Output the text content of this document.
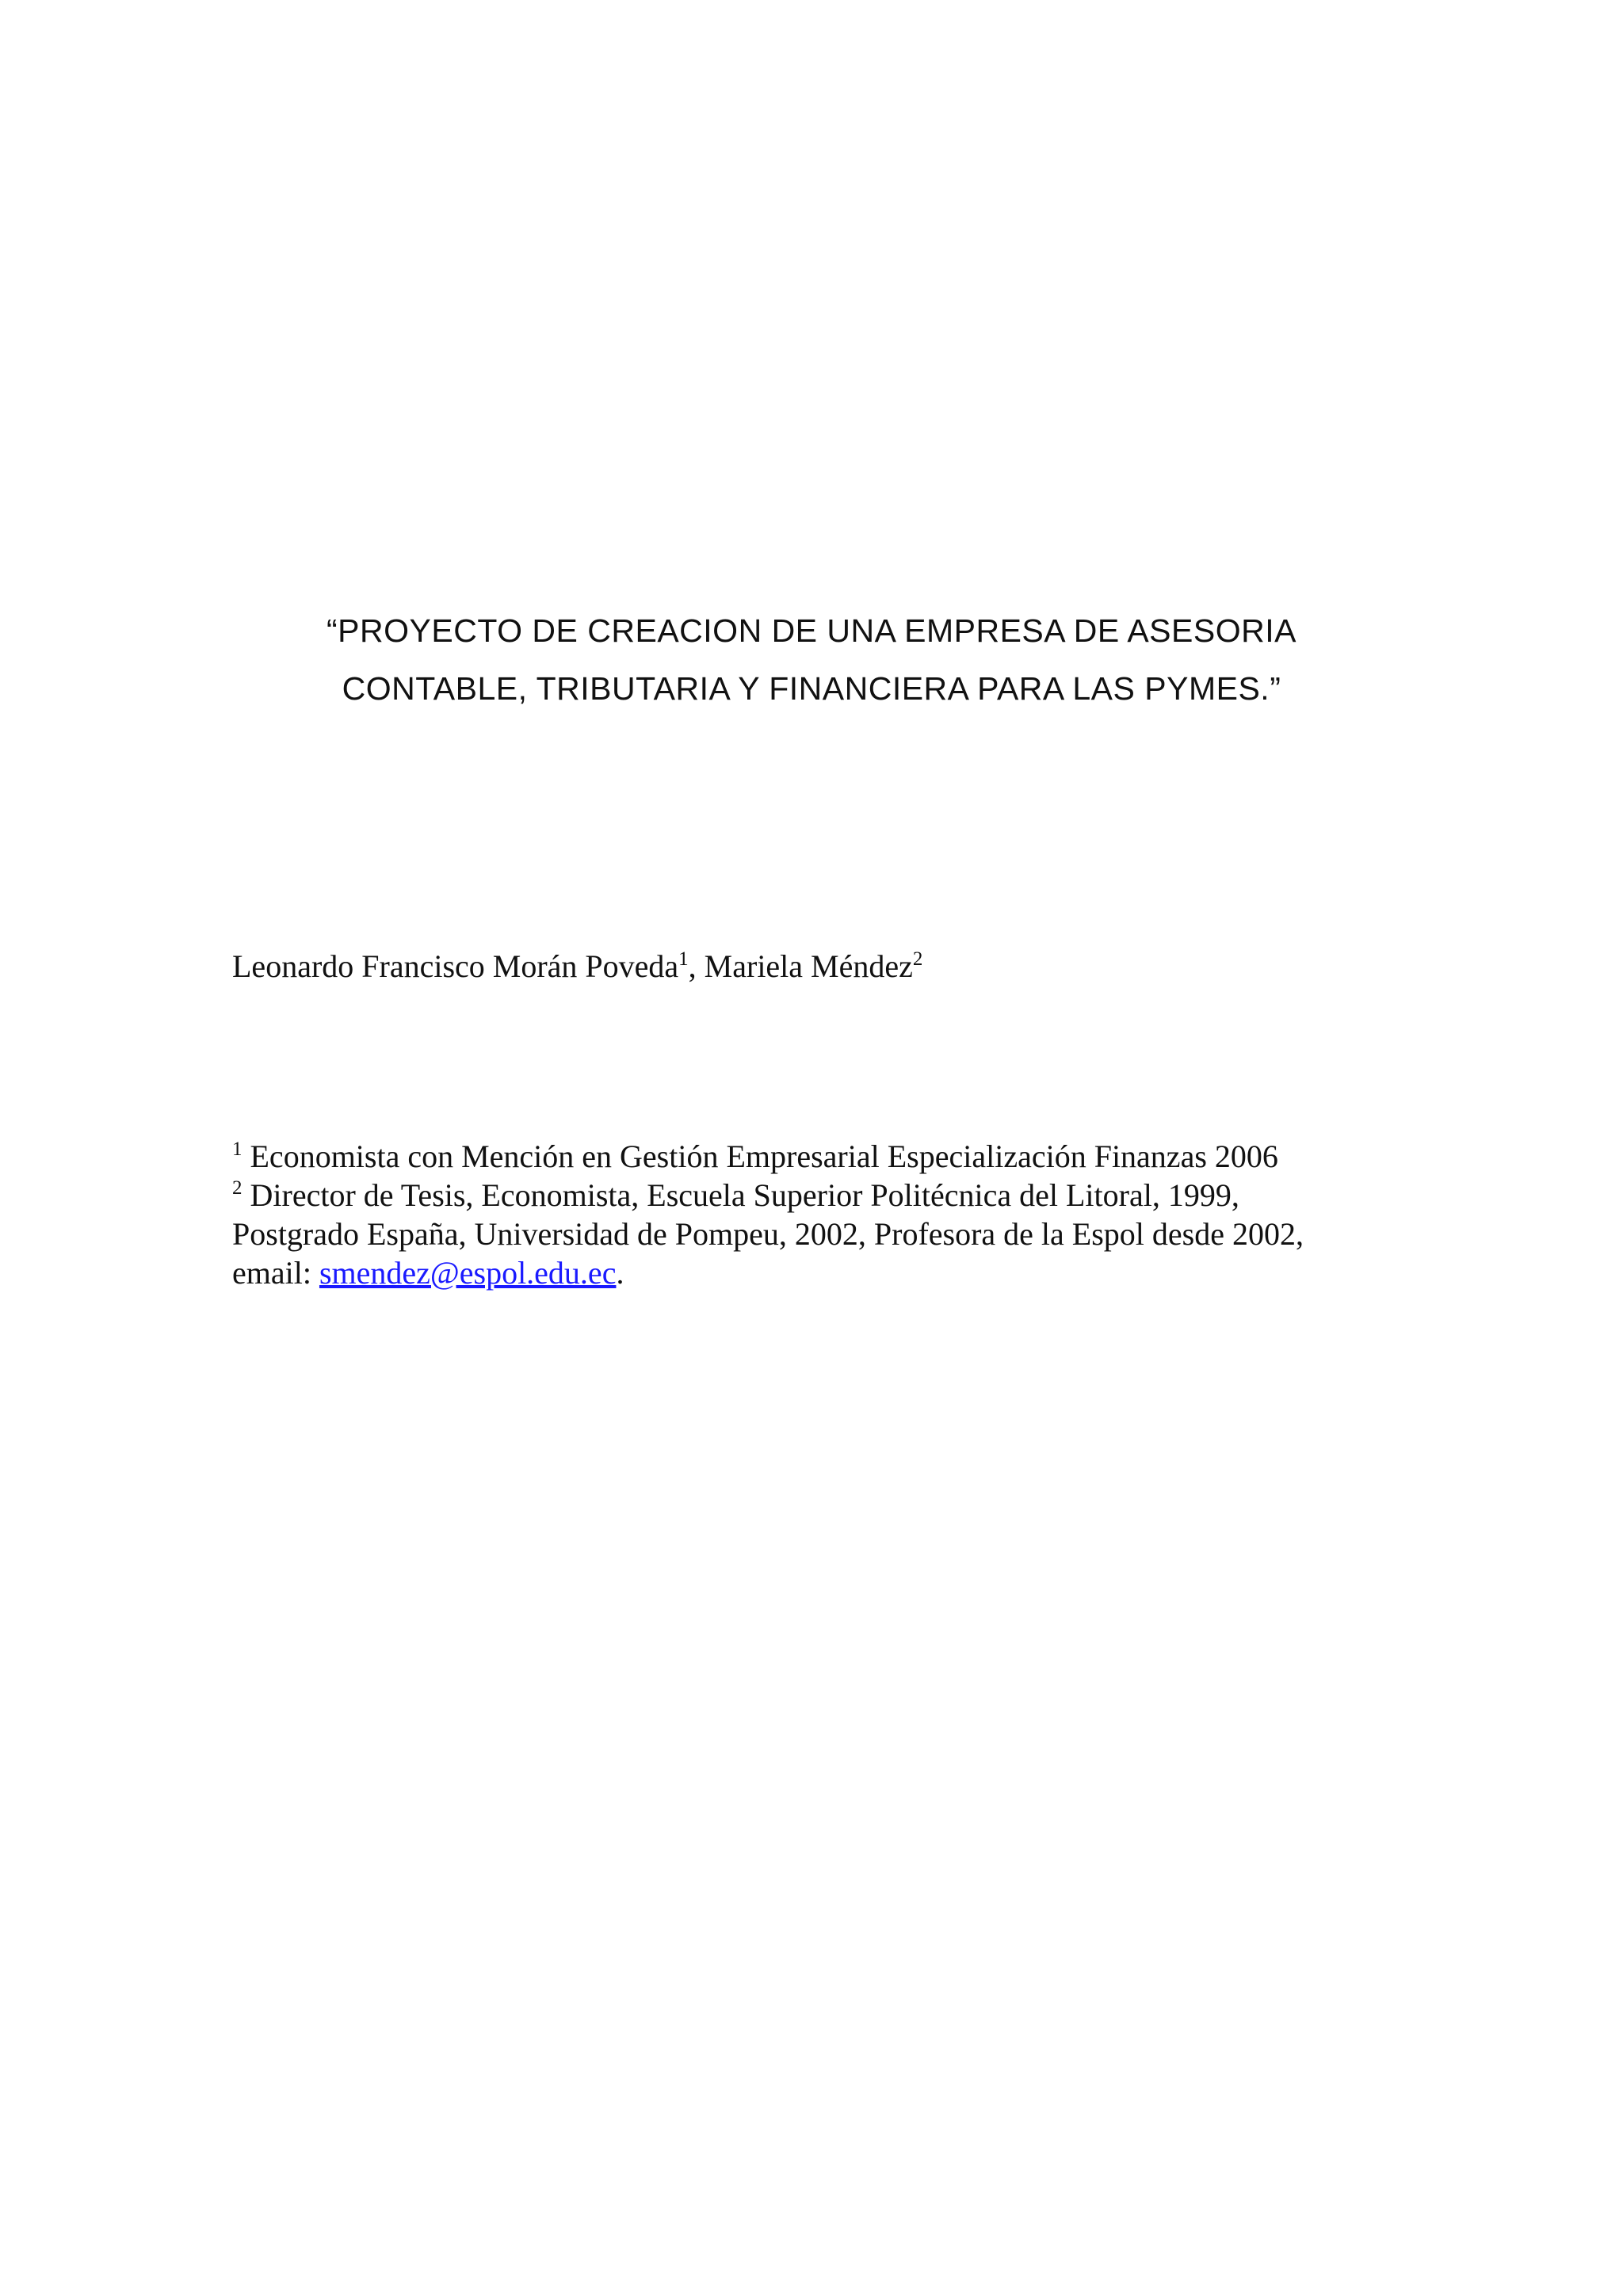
“PROYECTO DE CREACION DE UNA EMPRESA DE ASESORIA
CONTABLE, TRIBUTARIA Y FINANCIERA PARA LAS PYMES.”
Leonardo Francisco Morán Poveda$^1$, Mariela Méndez$^2$
$^1$ Economista con Mención en Gestión Empresarial Especialización Finanzas 2006
$^2$ Director de Tesis, Economista, Escuela Superior Politécnica del Litoral, 1999,
Postgrado España, Universidad de Pompeu, 2002, Profesora de la Espol desde 2002,
email: smendez@espol.edu.ec.
